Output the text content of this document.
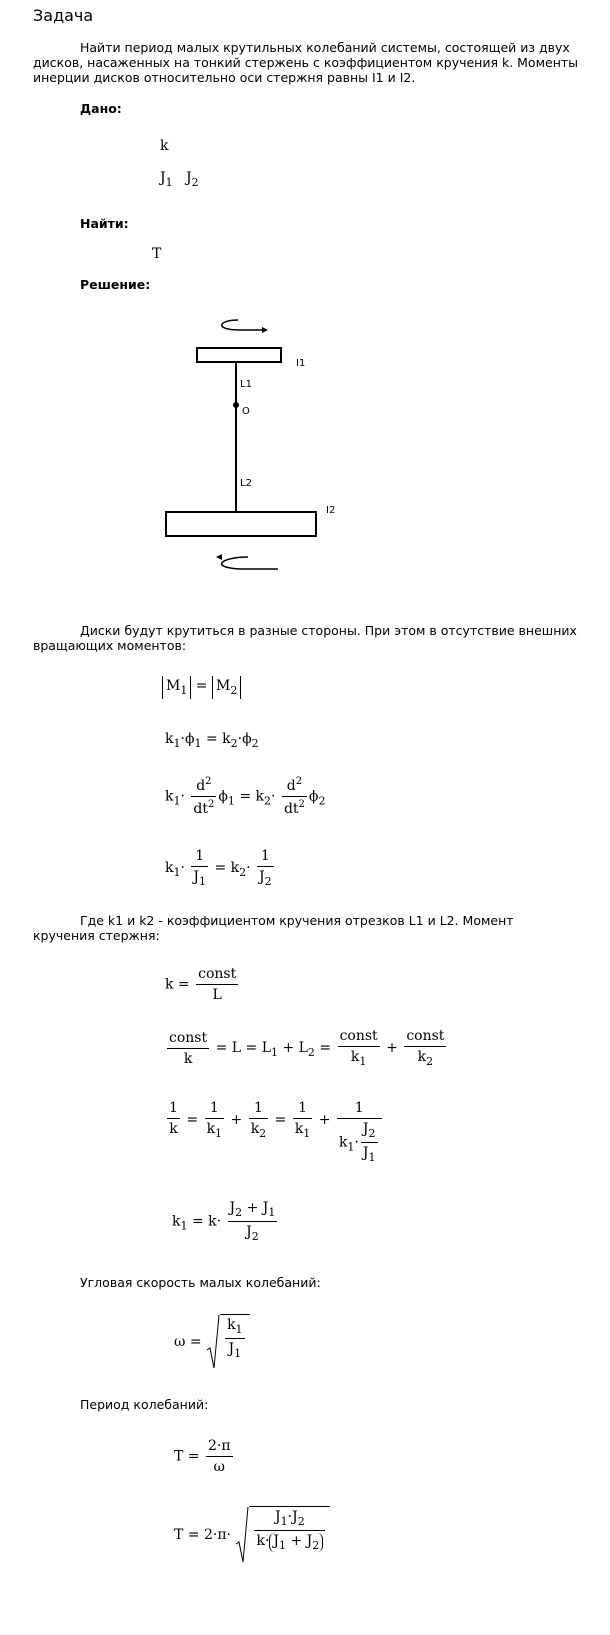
Задача
Найти период малых крутильных колебаний системы, состоящей из двух дисков, насаженных на тонкий стержень с коэффициентом кручения k. Моменты инерции дисков относительно оси стержня равны I1 и I2.
Дано:
k
$J_1$ $J_2$
Найти:
T
Решение:
I1
L1
O
L2
I2
Диски будут крутиться в разные стороны. При этом в отсутствие внешних вращающих моментов:
$M_1 = M_2$
$k_1\cdot\phi_1 = k_2\cdot\phi_2$
$k_1\cdot \frac{d^2}{dt^2} \phi_1 = k_2\cdot \frac{d^2}{dt^2} \phi_2$
$k_1\cdot \frac{1}{J_1} = k_2\cdot \frac{1}{J_2}$
Где k1 и k2 - коэффициентом кручения отрезков L1 и L2. Момент кручения стержня:
$k = \frac{\text{const}}{L}$
$\frac{\text{const}}{k} = L = L_1 + L_2 = \frac{\text{const}}{k_1} + \frac{\text{const}}{k_2}$
$\frac{1}{k} = \frac{1}{k_1} + \frac{1}{k_2} = \frac{1}{k_1} + \frac{1}{k_1\cdot \frac{J_2}{J_1}}$
$k_1 = k\cdot \frac{J_2 + J_1}{J_2}$
Угловая скорость малых колебаний:
$\omega = \frac{k_1}{J_1}$
Период колебаний:
$T = \frac{2\cdot\pi}{\omega}$
$T = 2\cdot\pi\cdot \frac{J_1\cdot J_2}{k\cdot J_1 + J_2}$
